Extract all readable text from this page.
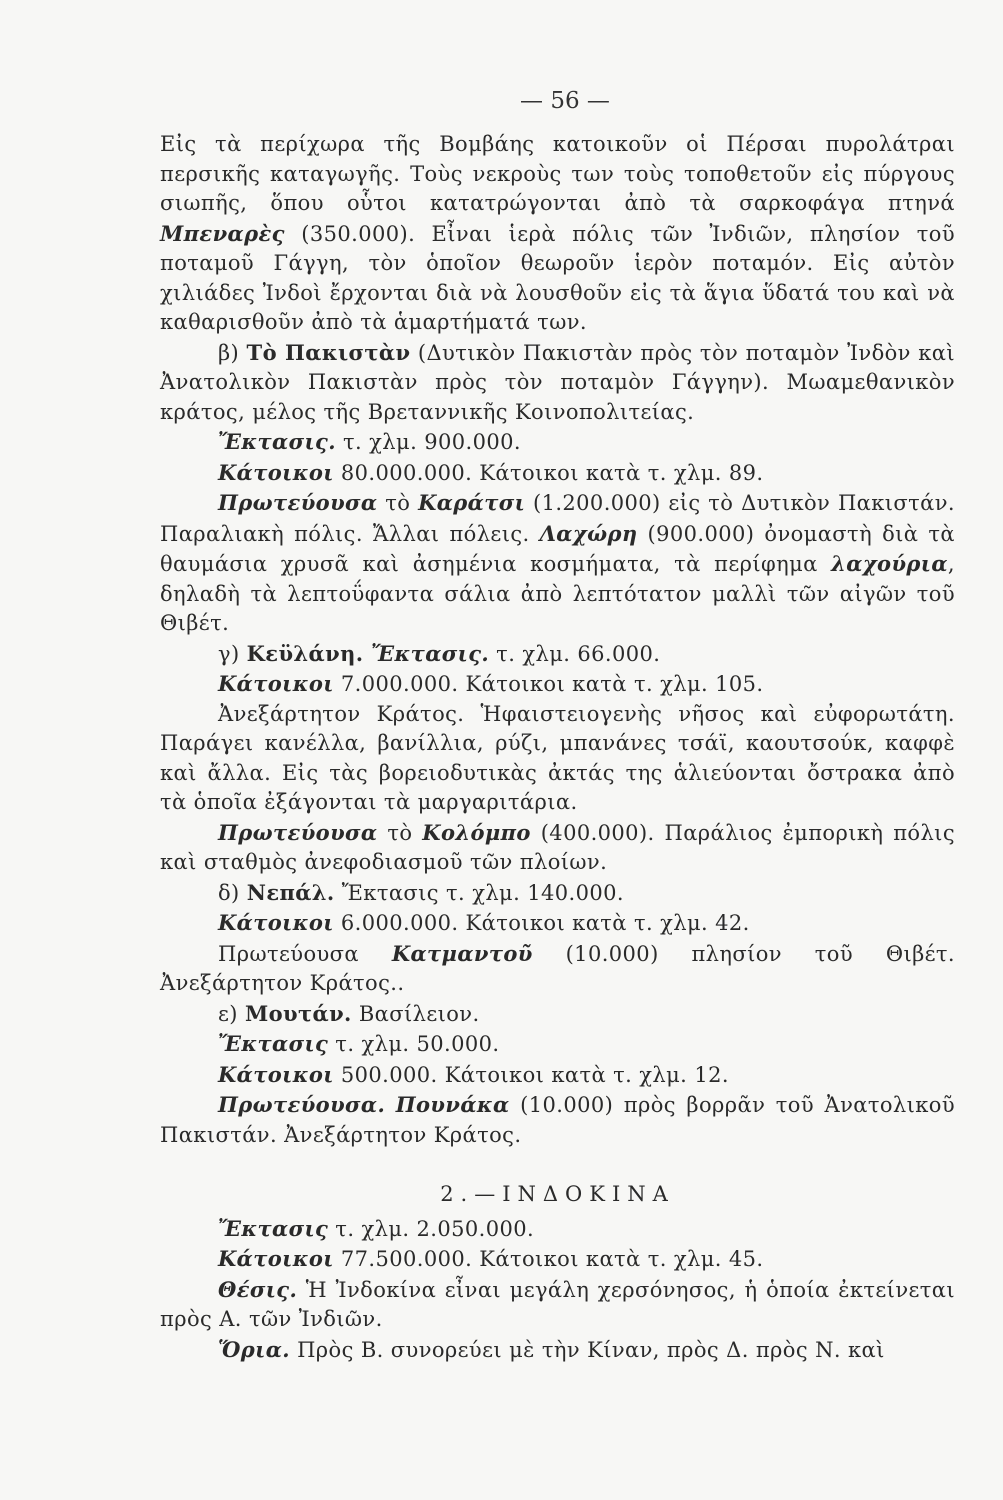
— 56 —

Εἰς τὰ περίχωρα τῆς Βομβάης κατοικοῦν οἱ Πέρσαι πυρολάτραι περσικῆς καταγωγῆς. Τοὺς νεκροὺς των τοὺς τοποθετοῦν εἰς πύργους σιωπῆς, ὅπου οὗτοι κατατρώγονται ἀπὸ τὰ σαρκοφάγα πτηνά Μπεναρὲς (350.000). Εἶναι ἱερὰ πόλις τῶν Ἰνδιῶν, πλησίον τοῦ ποταμοῦ Γάγγη, τὸν ὁποῖον θεωροῦν ἱερὸν ποταμόν. Εἰς αὐτὸν χιλιάδες Ἰνδοὶ ἔρχονται διὰ νὰ λουσθοῦν εἰς τὰ ἅγια ὕδατά του καὶ νὰ καθαρισθοῦν ἀπὸ τὰ ἁμαρτήματά των.

β) Τὸ Πακιστὰν (Δυτικὸν Πακιστὰν πρὸς τὸν ποταμὸν Ἰνδὸν καὶ Ἀνατολικὸν Πακιστὰν πρὸς τὸν ποταμὸν Γάγγην). Μωαμεθανικὸν κράτος, μέλος τῆς Βρεταννικῆς Κοινοπολιτείας.

Ἔκτασις. τ. χλμ. 900.000.

Κάτοικοι 80.000.000. Κάτοικοι κατὰ τ. χλμ. 89.

Πρωτεύουσα τὸ Καράτσι (1.200.000) εἰς τὸ Δυτικὸν Πακιστάν. Παραλιακὴ πόλις. Ἄλλαι πόλεις. Λαχώρη (900.000) ὀνομαστὴ διὰ τὰ θαυμάσια χρυσᾶ καὶ ἀσημένια κοσμήματα, τὰ περίφημα λαχούρια, δηλαδὴ τὰ λεπτοΰφαντα σάλια ἀπὸ λεπτότατον μαλλὶ τῶν αἰγῶν τοῦ Θιβέτ.

γ) Κεϋλάνη. Ἔκτασις. τ. χλμ. 66.000.

Κάτοικοι 7.000.000. Κάτοικοι κατὰ τ. χλμ. 105.

Ἀνεξάρτητον Κράτος. Ἡφαιστειογενὴς νῆσος καὶ εὐφορωτάτη. Παράγει κανέλλα, βανίλλια, ρύζι, μπανάνες τσάϊ, καουτσούκ, καφφὲ καὶ ἄλλα. Εἰς τὰς βορειοδυτικὰς ἀκτάς της ἁλιεύονται ὄστρακα ἀπὸ τὰ ὁποῖα ἐξάγονται τὰ μαργαριτάρια.

Πρωτεύουσα τὸ Κολόμπο (400.000). Παράλιος ἐμπορικὴ πόλις καὶ σταθμὸς ἀνεφοδιασμοῦ τῶν πλοίων.

δ) Νεπάλ. Ἔκτασις τ. χλμ. 140.000.

Κάτοικοι 6.000.000. Κάτοικοι κατὰ τ. χλμ. 42.

Πρωτεύουσα Κατμαντοῦ (10.000) πλησίον τοῦ Θιβέτ. Ἀνεξάρτητον Κράτος..

ε) Μουτάν. Βασίλειον.

Ἔκτασις τ. χλμ. 50.000.

Κάτοικοι 500.000. Κάτοικοι κατὰ τ. χλμ. 12.

Πρωτεύουσα. Πουνάκα (10.000) πρὸς βορρᾶν τοῦ Ἀνατολικοῦ Πακιστάν. Ἀνεξάρτητον Κράτος.

2.—ΙΝΔΟΚΙΝΑ

Ἔκτασις τ. χλμ. 2.050.000.

Κάτοικοι 77.500.000. Κάτοικοι κατὰ τ. χλμ. 45.

Θέσις. Ἡ Ἰνδοκίνα εἶναι μεγάλη χερσόνησος, ἡ ὁποία ἐκτείνεται πρὸς Α. τῶν Ἰνδιῶν.

Ὅρια. Πρὸς Β. συνορεύει μὲ τὴν Κίναν, πρὸς Δ. πρὸς Ν. καὶ
